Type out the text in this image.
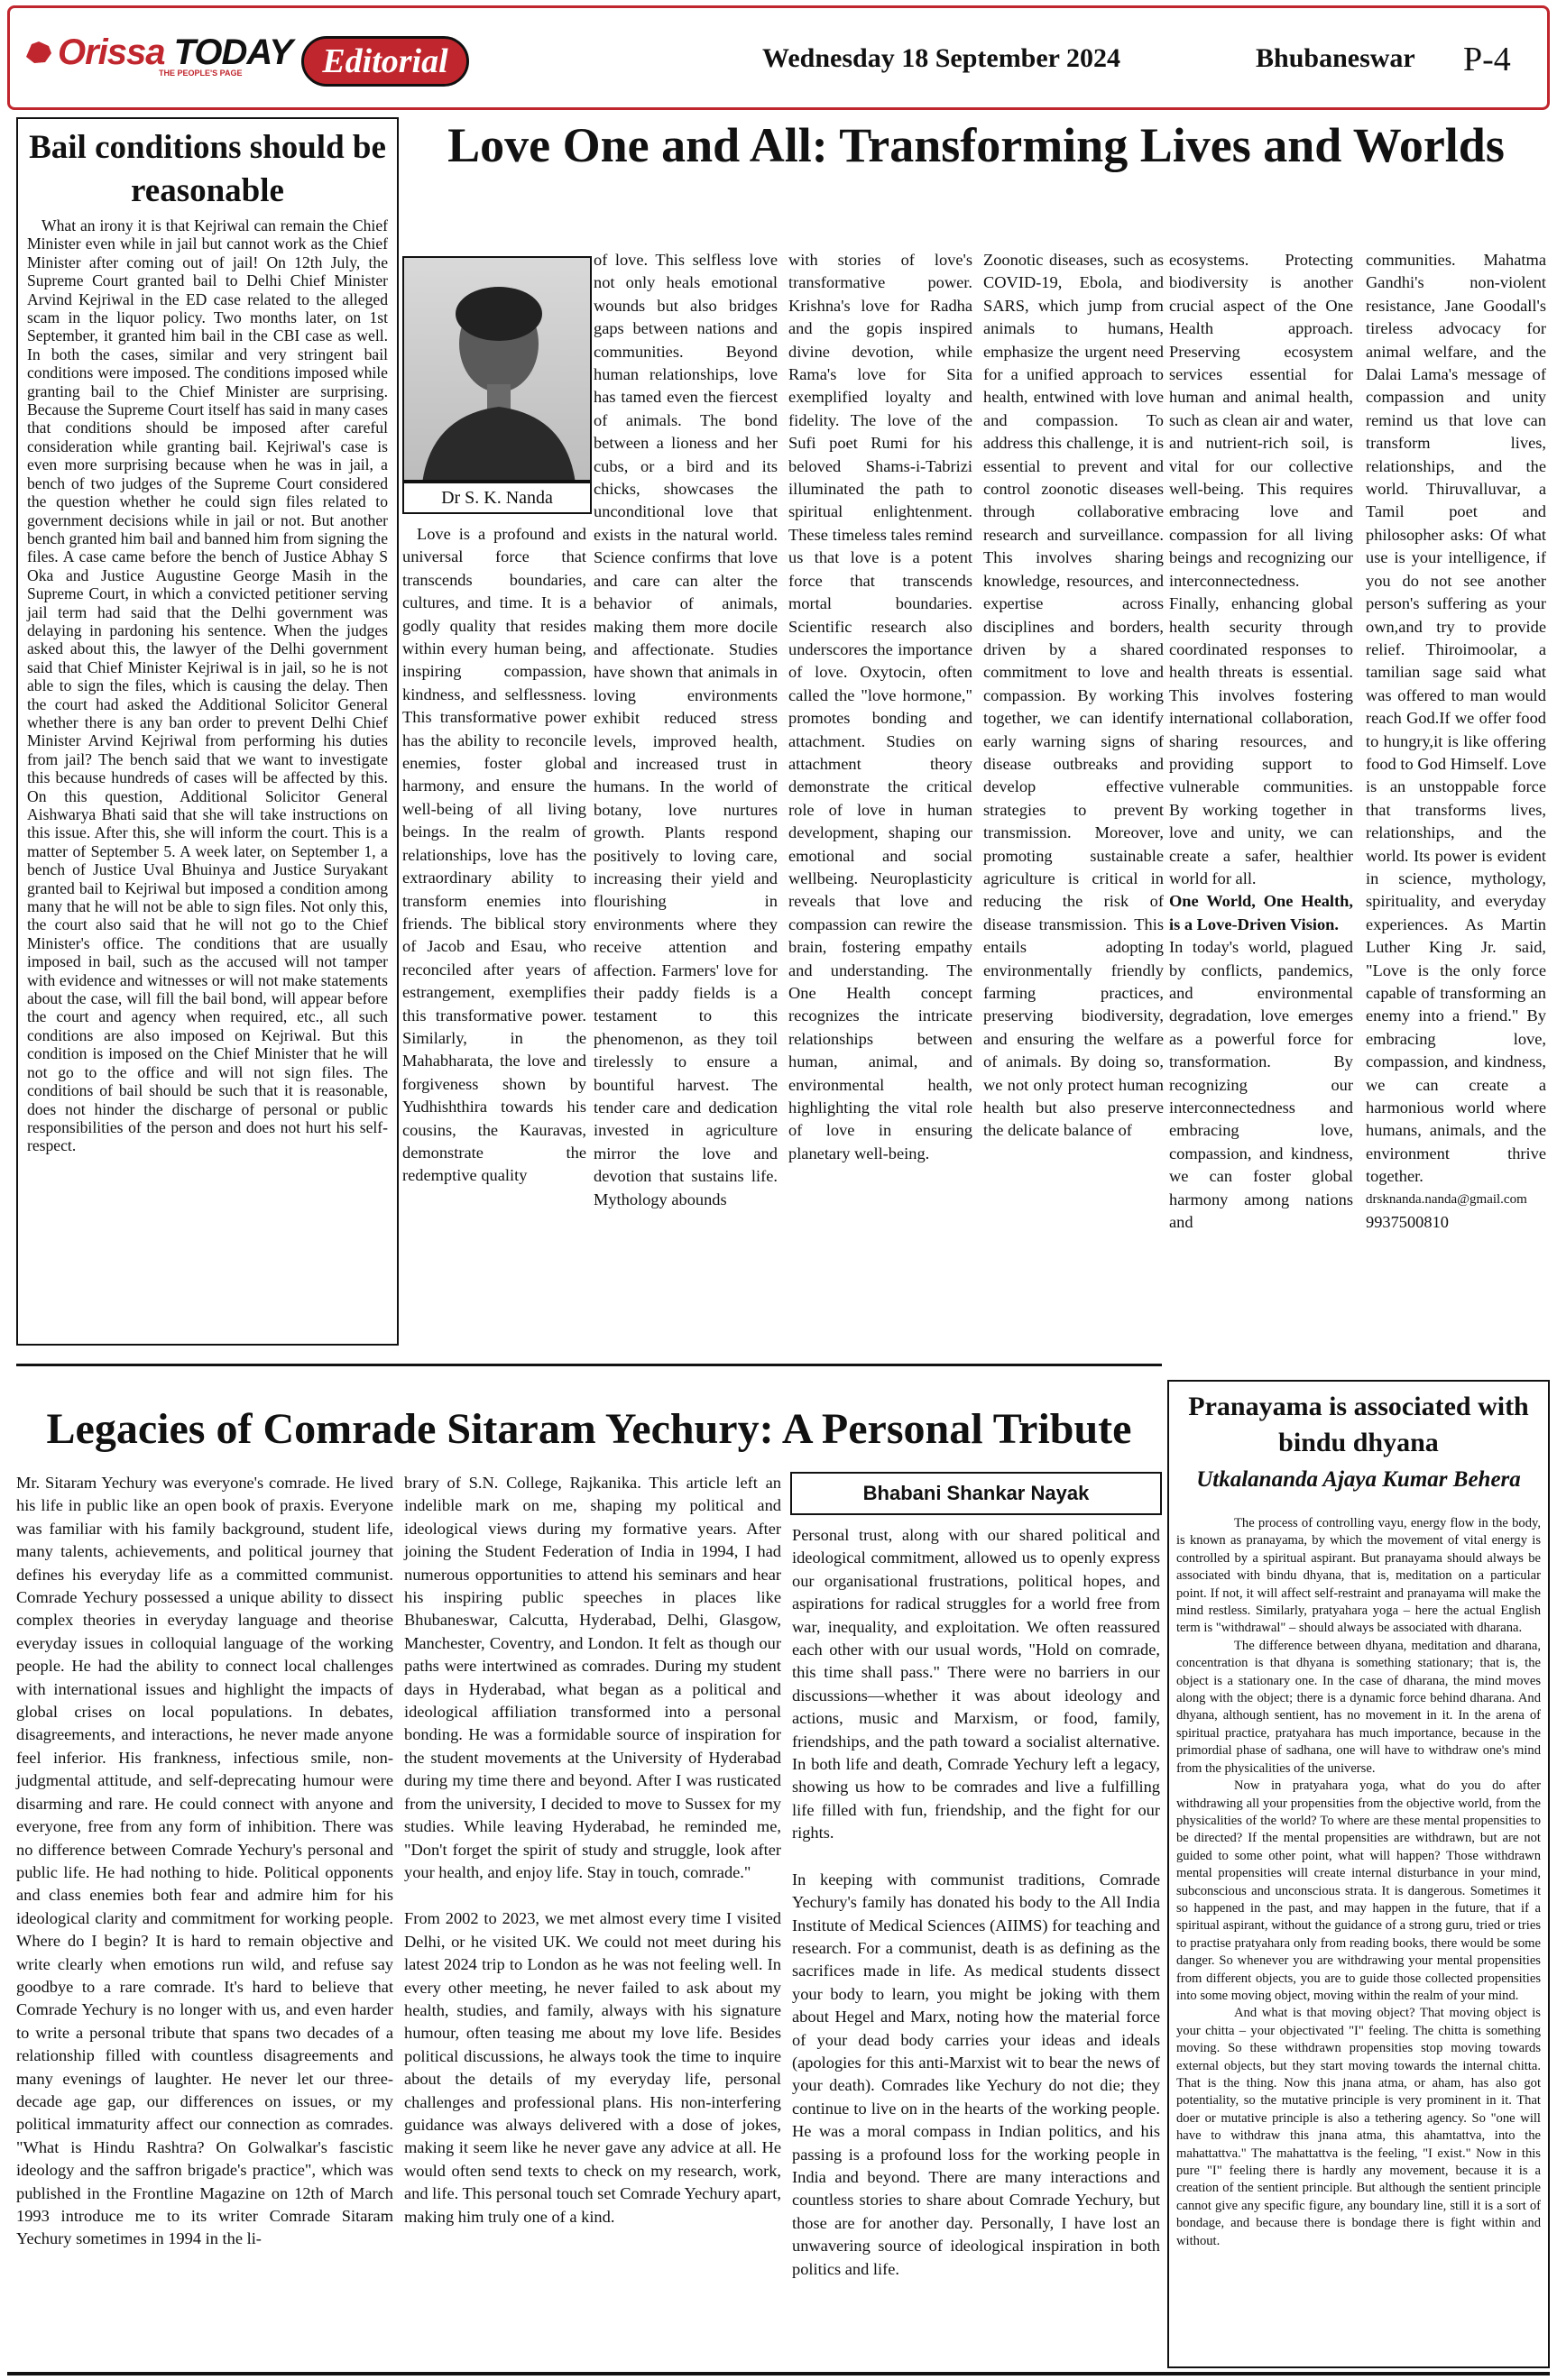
Orissa TODAY
THE PEOPLE'S PAGE	Editorial	Wednesday 18 September 2024	Bhubaneswar P-4
Bail conditions should be reasonable

What an irony it is that Kejriwal can remain the Chief Minister even while in jail but cannot work as the Chief Minister after coming out of jail! On 12th July, the Supreme Court granted bail to Delhi Chief Minister Arvind Kejriwal in the ED case related to the alleged scam in the liquor policy. Two months later, on 1st September, it granted him bail in the CBI case as well. In both the cases, similar and very stringent bail conditions were imposed. The conditions imposed while granting bail to the Chief Minister are surprising. Because the Supreme Court itself has said in many cases that conditions should be imposed after careful consideration while granting bail. Kejriwal's case is even more surprising because when he was in jail, a bench of two judges of the Supreme Court considered the question whether he could sign files related to government decisions while in jail or not. But another bench granted him bail and banned him from signing the files. A case came before the bench of Justice Abhay S Oka and Justice Augustine George Masih in the Supreme Court, in which a convicted petitioner serving jail term had said that the Delhi government was delaying in pardoning his sentence. When the judges asked about this, the lawyer of the Delhi government said that Chief Minister Kejriwal is in jail, so he is not able to sign the files, which is causing the delay. Then the court had asked the Additional Solicitor General whether there is any ban order to prevent Delhi Chief Minister Arvind Kejriwal from performing his duties from jail? The bench said that we want to investigate this because hundreds of cases will be affected by this. On this question, Additional Solicitor General Aishwarya Bhati said that she will take instructions on this issue. After this, she will inform the court. This is a matter of September 5. A week later, on September 1, a bench of Justice Uval Bhuinya and Justice Suryakant granted bail to Kejriwal but imposed a condition among many that he will not be able to sign files. Not only this, the court also said that he will not go to the Chief Minister's office. The conditions that are usually imposed in bail, such as the accused will not tamper with evidence and witnesses or will not make statements about the case, will fill the bail bond, will appear before the court and agency when required, etc., all such conditions are also imposed on Kejriwal. But this condition is imposed on the Chief Minister that he will not go to the office and will not sign files. The conditions of bail should be such that it is reasonable, does not hinder the discharge of personal or public responsibilities of the person and does not hurt his self-respect.

Love One and All: Transforming Lives and Worlds
Dr S. K. Nanda

Love is a profound and universal force that transcends boundaries, cultures, and time. It is a godly quality that resides within every human being, inspiring compassion, kindness, and selflessness. This transformative power has the ability to reconcile enemies, foster global harmony, and ensure the well-being of all living beings. In the realm of relationships, love has the extraordinary ability to transform enemies into friends. The biblical story of Jacob and Esau, who reconciled after years of estrangement, exemplifies this transformative power. Similarly, in the Mahabharata, the love and forgiveness shown by Yudhishthira towards his cousins, the Kauravas, demonstrate the redemptive quality

of love. This selfless love not only heals emotional wounds but also bridges gaps between nations and communities. Beyond human relationships, love has tamed even the fiercest of animals. The bond between a lioness and her cubs, or a bird and its chicks, showcases the unconditional love that exists in the natural world. Science confirms that love and care can alter the behavior of animals, making them more docile and affectionate. Studies have shown that animals in loving environments exhibit reduced stress levels, improved health, and increased trust in humans. In the world of botany, love nurtures growth. Plants respond positively to loving care, increasing their yield and flourishing in environments where they receive attention and affection. Farmers' love for their paddy fields is a testament to this phenomenon, as they toil tirelessly to ensure a bountiful harvest. The tender care and dedication invested in agriculture mirror the love and devotion that sustains life. Mythology abounds

with stories of love's transformative power. Krishna's love for Radha and the gopis inspired divine devotion, while Rama's love for Sita exemplified loyalty and fidelity. The love of the Sufi poet Rumi for his beloved Shams-i-Tabrizi illuminated the path to spiritual enlightenment. These timeless tales remind us that love is a potent force that transcends mortal boundaries. Scientific research also underscores the importance of love. Oxytocin, often called the "love hormone," promotes bonding and attachment. Studies on attachment theory demonstrate the critical role of love in human development, shaping our emotional and social wellbeing. Neuroplasticity reveals that love and compassion can rewire the brain, fostering empathy and understanding. The One Health concept recognizes the intricate relationships between human, animal, and environmental health, highlighting the vital role of love in ensuring planetary well-being.

Zoonotic diseases, such as COVID-19, Ebola, and SARS, which jump from animals to humans, emphasize the urgent need for a unified approach to health, entwined with love and compassion. To address this challenge, it is essential to prevent and control zoonotic diseases through collaborative research and surveillance. This involves sharing knowledge, resources, and expertise across disciplines and borders, driven by a shared commitment to love and compassion. By working together, we can identify early warning signs of disease outbreaks and develop effective strategies to prevent transmission. Moreover, promoting sustainable agriculture is critical in reducing the risk of disease transmission. This entails adopting environmentally friendly farming practices, preserving biodiversity, and ensuring the welfare of animals. By doing so, we not only protect human health but also preserve the delicate balance of

ecosystems. Protecting biodiversity is another crucial aspect of the One Health approach. Preserving ecosystem services essential for human and animal health, such as clean air and water, and nutrient-rich soil, is vital for our collective well-being. This requires embracing love and compassion for all living beings and recognizing our interconnectedness. Finally, enhancing global health security through coordinated responses to health threats is essential. This involves fostering international collaboration, sharing resources, and providing support to vulnerable communities. By working together in love and unity, we can create a safer, healthier world for all.

One World, One Health, is a Love-Driven Vision.

In today's world, plagued by conflicts, pandemics, and environmental degradation, love emerges as a powerful force for transformation. By recognizing our interconnectedness and embracing love, compassion, and kindness, we can foster global harmony among nations and

communities. Mahatma Gandhi's non-violent resistance, Jane Goodall's tireless advocacy for animal welfare, and the Dalai Lama's message of compassion and unity remind us that love can transform lives, relationships, and the world. Thiruvalluvar, a Tamil poet and philosopher asks: Of what use is your intelligence, if you do not see another person's suffering as your own,and try to provide relief. Thiroimoolar, a tamilian sage said what was offered to man would reach God.If we offer food to hungry,it is like offering food to God Himself. Love is an unstoppable force that transforms lives, relationships, and the world. Its power is evident in science, mythology, spirituality, and everyday experiences. As Martin Luther King Jr. said, "Love is the only force capable of transforming an enemy into a friend." By embracing love, compassion, and kindness, we can create a harmonious world where humans, animals, and the environment thrive together.

drsknanda.nanda@gmail.com

9937500810

Legacies of Comrade Sitaram Yechury: A Personal Tribute

Mr. Sitaram Yechury was everyone's comrade. He lived his life in public like an open book of praxis. Everyone was familiar with his family background, student life, many talents, achievements, and political journey that defines his everyday life as a committed communist. Comrade Yechury possessed a unique ability to dissect complex theories in everyday language and theorise everyday issues in colloquial language of the working people. He had the ability to connect local challenges with international issues and highlight the impacts of global crises on local populations. In debates, disagreements, and interactions, he never made anyone feel inferior. His frankness, infectious smile, non-judgmental attitude, and self-deprecating humour were disarming and rare. He could connect with anyone and everyone, free from any form of inhibition. There was no difference between Comrade Yechury's personal and public life. He had nothing to hide. Political opponents and class enemies both fear and admire him for his ideological clarity and commitment for working people. Where do I begin? It is hard to remain objective and write clearly when emotions run wild, and refuse say goodbye to a rare comrade. It's hard to believe that Comrade Yechury is no longer with us, and even harder to write a personal tribute that spans two decades of a relationship filled with countless disagreements and many evenings of laughter. He never let our three-decade age gap, our differences on issues, or my political immaturity affect our connection as comrades. "What is Hindu Rashtra? On Golwalkar's fascistic ideology and the saffron brigade's practice", which was published in the Frontline Magazine on 12th of March 1993 introduce me to its writer Comrade Sitaram Yechury sometimes in 1994 in the li-

brary of S.N. College, Rajkanika. This article left an indelible mark on me, shaping my political and ideological views during my formative years. After joining the Student Federation of India in 1994, I had numerous opportunities to attend his seminars and hear his inspiring public speeches in places like Bhubaneswar, Calcutta, Hyderabad, Delhi, Glasgow, Manchester, Coventry, and London. It felt as though our paths were intertwined as comrades. During my student days in Hyderabad, what began as a political and ideological affiliation transformed into a personal bonding. He was a formidable source of inspiration for the student movements at the University of Hyderabad during my time there and beyond. After I was rusticated from the university, I decided to move to Sussex for my studies. While leaving Hyderabad, he reminded me, "Don't forget the spirit of study and struggle, look after your health, and enjoy life. Stay in touch, comrade."

From 2002 to 2023, we met almost every time I visited Delhi, or he visited UK. We could not meet during his latest 2024 trip to London as he was not feeling well. In every other meeting, he never failed to ask about my health, studies, and family, always with his signature humour, often teasing me about my love life. Besides political discussions, he always took the time to inquire about the details of my everyday life, personal challenges and professional plans. His non-interfering guidance was always delivered with a dose of jokes, making it seem like he never gave any advice at all. He would often send texts to check on my research, work, and life. This personal touch set Comrade Yechury apart, making him truly one of a kind.

Bhabani Shankar Nayak

Personal trust, along with our shared political and ideological commitment, allowed us to openly express our organisational frustrations, political hopes, and aspirations for radical struggles for a world free from war, inequality, and exploitation. We often reassured each other with our usual words, "Hold on comrade, this time shall pass." There were no barriers in our discussions—whether it was about ideology and actions, music and Marxism, or food, family, friendships, and the path toward a socialist alternative. In both life and death, Comrade Yechury left a legacy, showing us how to be comrades and live a fulfilling life filled with fun, friendship, and the fight for our rights.

In keeping with communist traditions, Comrade Yechury's family has donated his body to the All India Institute of Medical Sciences (AIIMS) for teaching and research. For a communist, death is as defining as the sacrifices made in life. As medical students dissect your body to learn, you might be joking with them about Hegel and Marx, noting how the material force of your dead body carries your ideas and ideals (apologies for this anti-Marxist wit to bear the news of your death). Comrades like Yechury do not die; they continue to live on in the hearts of the working people. He was a moral compass in Indian politics, and his passing is a profound loss for the working people in India and beyond. There are many interactions and countless stories to share about Comrade Yechury, but those are for another day. Personally, I have lost an unwavering source of ideological inspiration in both politics and life.

Pranayama is associated with bindu dhyana
Utkalananda Ajaya Kumar Behera

The process of controlling vayu, energy flow in the body, is known as pranayama, by which the movement of vital energy is controlled by a spiritual aspirant. But pranayama should always be associated with bindu dhyana, that is, meditation on a particular point. If not, it will affect self-restraint and pranayama will make the mind restless. Similarly, pratyahara yoga – here the actual English term is "withdrawal" – should always be associated with dharana.

The difference between dhyana, meditation and dharana, concentration is that dhyana is something stationary; that is, the object is a stationary one. In the case of dharana, the mind moves along with the object; there is a dynamic force behind dharana. And dhyana, although sentient, has no movement in it. In the arena of spiritual practice, pratyahara has much importance, because in the primordial phase of sadhana, one will have to withdraw one's mind from the physicalities of the universe.

Now in pratyahara yoga, what do you do after withdrawing all your propensities from the objective world, from the physicalities of the world? To where are these mental propensities to be directed? If the mental propensities are withdrawn, but are not guided to some other point, what will happen? Those withdrawn mental propensities will create internal disturbance in your mind, subconscious and unconscious strata. It is dangerous. Sometimes it so happened in the past, and may happen in the future, that if a spiritual aspirant, without the guidance of a strong guru, tried or tries to practise pratyahara only from reading books, there would be some danger. So whenever you are withdrawing your mental propensities from different objects, you are to guide those collected propensities into some moving object, moving within the realm of your mind.

And what is that moving object? That moving object is your chitta – your objectivated "I" feeling. The chitta is something moving. So these withdrawn propensities stop moving towards external objects, but they start moving towards the internal chitta. That is the thing. Now this jnana atma, or aham, has also got potentiality, so the mutative principle is very prominent in it. That doer or mutative principle is also a tethering agency. So "one will have to withdraw this jnana atma, this ahamtattva, into the mahattattva." The mahattattva is the feeling, "I exist." Now in this pure "I" feeling there is hardly any movement, because it is a creation of the sentient principle. But although the sentient principle cannot give any specific figure, any boundary line, still it is a sort of bondage, and because there is bondage there is fight within and without.
